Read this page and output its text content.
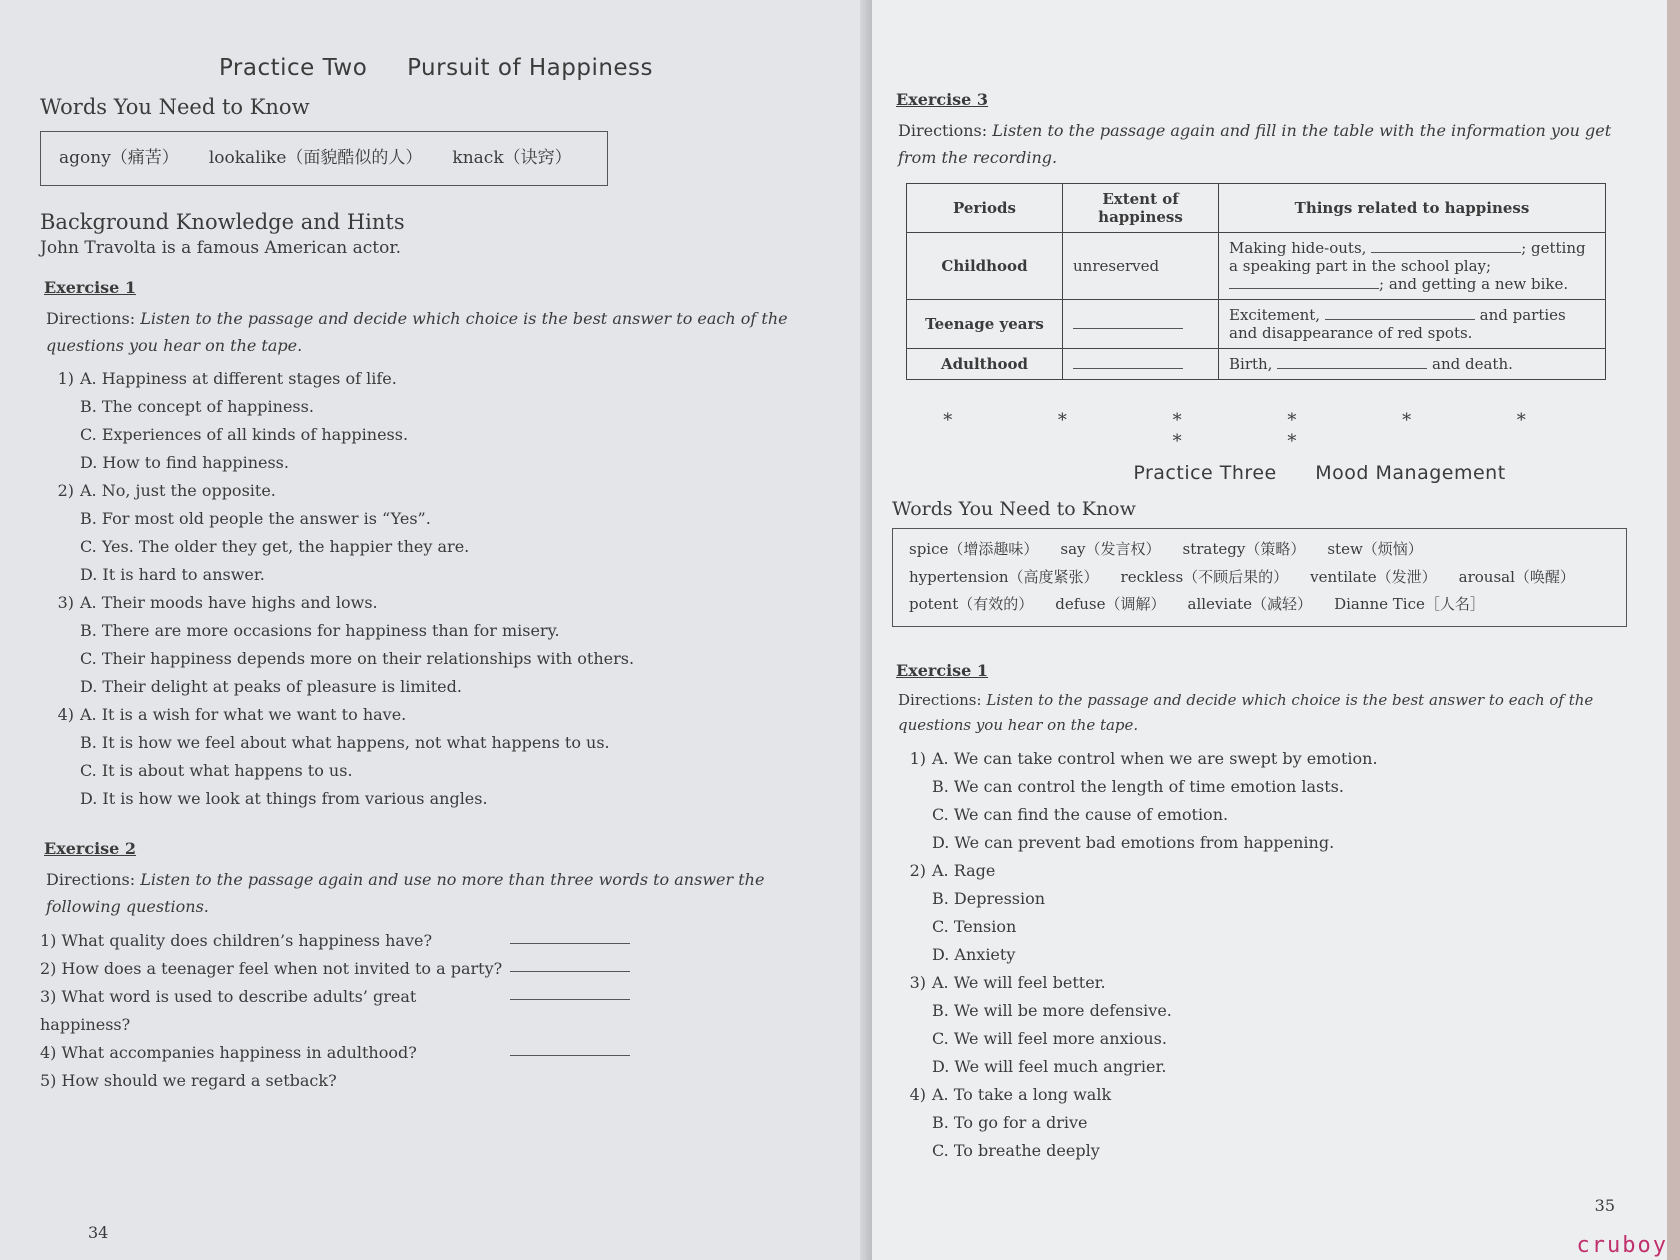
Practice Two Pursuit of Happiness
Words You Need to Know
agony（痛苦） lookalike（面貌酷似的人） knack（诀窍）
Background Knowledge and Hints
John Travolta is a famous American actor.
Exercise 1
Directions: Listen to the passage and decide which choice is the best answer to each of the questions you hear on the tape.
1) A. Happiness at different stages of life.
B. The concept of happiness.
C. Experiences of all kinds of happiness.
D. How to find happiness.
2) A. No, just the opposite.
B. For most old people the answer is “Yes”.
C. Yes. The older they get, the happier they are.
D. It is hard to answer.
3) A. Their moods have highs and lows.
B. There are more occasions for happiness than for misery.
C. Their happiness depends more on their relationships with others.
D. Their delight at peaks of pleasure is limited.
4) A. It is a wish for what we want to have.
B. It is how we feel about what happens, not what happens to us.
C. It is about what happens to us.
D. It is how we look at things from various angles.
Exercise 2
Directions: Listen to the passage again and use no more than three words to answer the following questions.
1) What quality does children’s happiness have?
2) How does a teenager feel when not invited to a party?
3) What word is used to describe adults’ great happiness?
4) What accompanies happiness in adulthood?
5) How should we regard a setback?
34
Exercise 3
Directions: Listen to the passage again and fill in the table with the information you get from the recording.
Periods	Extent of happiness	Things related to happiness
Childhood	unreserved	Making hide-outs, ; getting a speaking part in the school play; ; and getting a new bike.
Teenage years		Excitement, and parties and disappearance of red spots.
Adulthood		Birth, and death.
* * * * * * * *
Practice Three Mood Management
Words You Need to Know
spice（增添趣味） say（发言权） strategy（策略） stew（烦恼）
hypertension（高度紧张） reckless（不顾后果的） ventilate（发泄） arousal（唤醒）
potent（有效的） defuse（调解） alleviate（减轻） Dianne Tice［人名］
Exercise 1
Directions: Listen to the passage and decide which choice is the best answer to each of the questions you hear on the tape.
1) A. We can take control when we are swept by emotion.
B. We can control the length of time emotion lasts.
C. We can find the cause of emotion.
D. We can prevent bad emotions from happening.
2) A. Rage
B. Depression
C. Tension
D. Anxiety
3) A. We will feel better.
B. We will be more defensive.
C. We will feel more anxious.
D. We will feel much angrier.
4) A. To take a long walk
B. To go for a drive
C. To breathe deeply
35
cruboy
